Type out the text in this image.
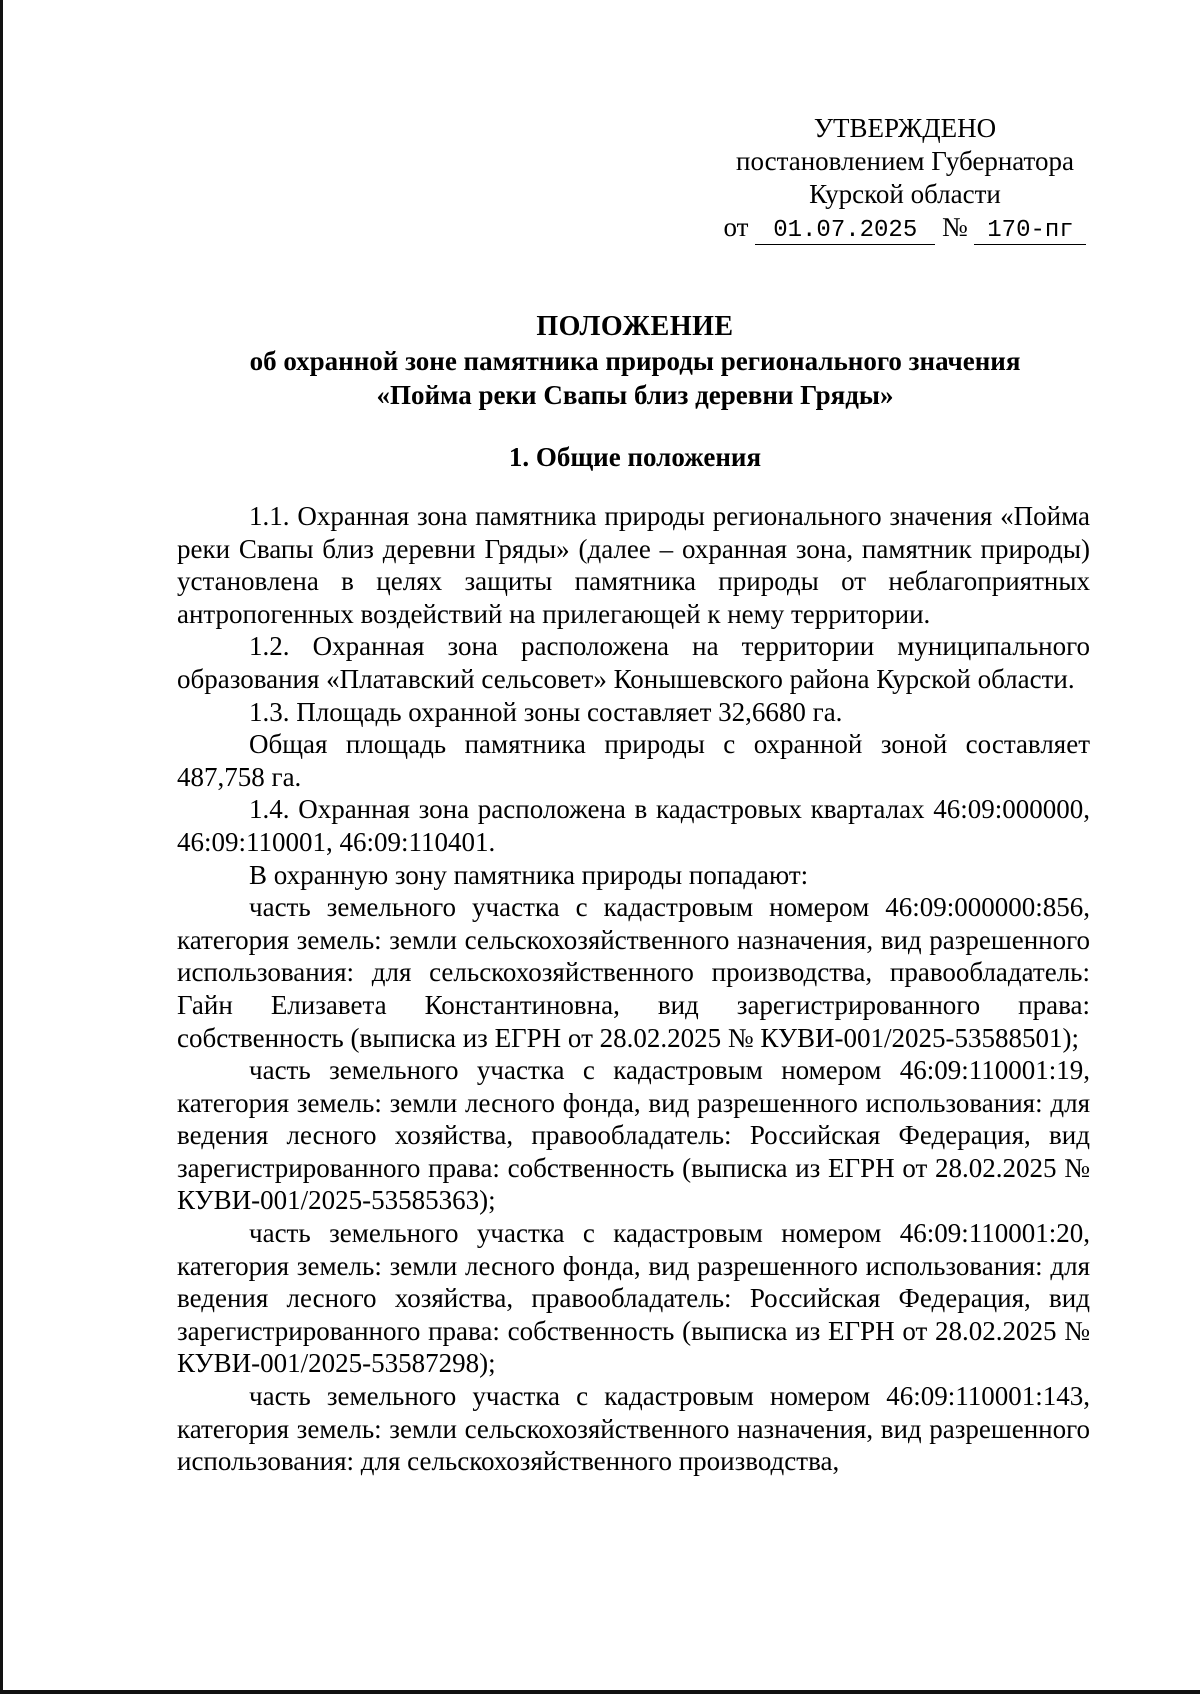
УТВЕРЖДЕНО
постановлением Губернатора
Курской области
от 01.07.2025 № 170-пг
ПОЛОЖЕНИЕ
об охранной зоне памятника природы регионального значения
«Пойма реки Свапы близ деревни Гряды»
1. Общие положения

1.1. Охранная зона памятника природы регионального значения «Пойма реки Свапы близ деревни Гряды» (далее – охранная зона, памятник природы) установлена в целях защиты памятника природы от неблагоприятных антропогенных воздействий на прилегающей к нему территории.

1.2. Охранная зона расположена на территории муниципального образования «Платавский сельсовет» Конышевского района Курской области.

1.3. Площадь охранной зоны составляет 32,6680 га.

Общая площадь памятника природы с охранной зоной составляет 487,758 га.

1.4. Охранная зона расположена в кадастровых кварталах 46:09:000000, 46:09:110001, 46:09:110401.

В охранную зону памятника природы попадают:

часть земельного участка с кадастровым номером 46:09:000000:856, категория земель: земли сельскохозяйственного назначения, вид разрешенного использования: для сельскохозяйственного производства, правообладатель: Гайн Елизавета Константиновна, вид зарегистрированного права: собственность (выписка из ЕГРН от 28.02.2025 № КУВИ-001/2025-53588501);

часть земельного участка с кадастровым номером 46:09:110001:19, категория земель: земли лесного фонда, вид разрешенного использования: для ведения лесного хозяйства, правообладатель: Российская Федерация, вид зарегистрированного права: собственность (выписка из ЕГРН от 28.02.2025 № КУВИ-001/2025-53585363);

часть земельного участка с кадастровым номером 46:09:110001:20, категория земель: земли лесного фонда, вид разрешенного использования: для ведения лесного хозяйства, правообладатель: Российская Федерация, вид зарегистрированного права: собственность (выписка из ЕГРН от 28.02.2025 № КУВИ-001/2025-53587298);

часть земельного участка с кадастровым номером 46:09:110001:143, категория земель: земли сельскохозяйственного назначения, вид разрешенного использования: для сельскохозяйственного производства,
